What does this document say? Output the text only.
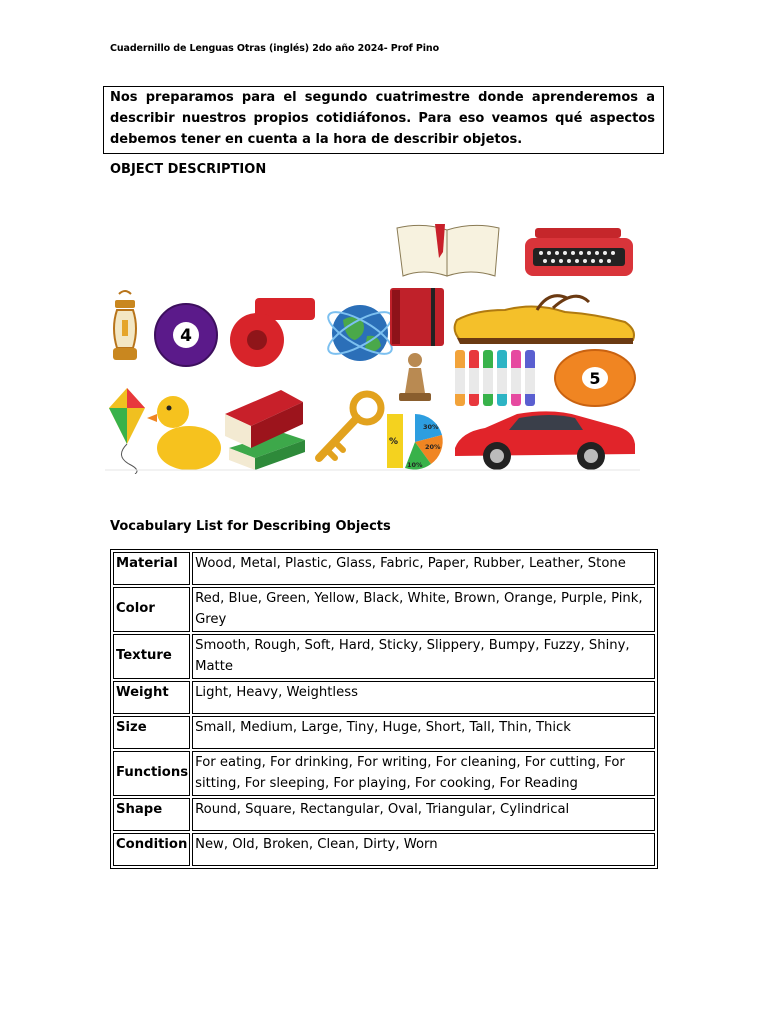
Cuadernillo de Lenguas Otras (inglés) 2do año 2024- Prof Pino
Nos preparamos para el segundo cuatrimestre donde aprenderemos a describir nuestros propios cotidiáfonos. Para eso veamos qué aspectos debemos tener en cuenta a la hora de describir objetos.
OBJECT DESCRIPTION
4
5
%
30%
20%
10%
Vocabulary List for Describing Objects
Material	Wood, Metal, Plastic, Glass, Fabric, Paper, Rubber, Leather, Stone
Color	Red, Blue, Green, Yellow, Black, White, Brown, Orange, Purple, Pink, Grey
Texture	Smooth, Rough, Soft, Hard, Sticky, Slippery, Bumpy, Fuzzy, Shiny, Matte
Weight	Light, Heavy, Weightless
Size	Small, Medium, Large, Tiny, Huge, Short, Tall, Thin, Thick
Functions	For eating, For drinking, For writing, For cleaning, For cutting, For sitting, For sleeping, For playing, For cooking, For Reading
Shape	Round, Square, Rectangular, Oval, Triangular, Cylindrical
Condition	New, Old, Broken, Clean, Dirty, Worn
